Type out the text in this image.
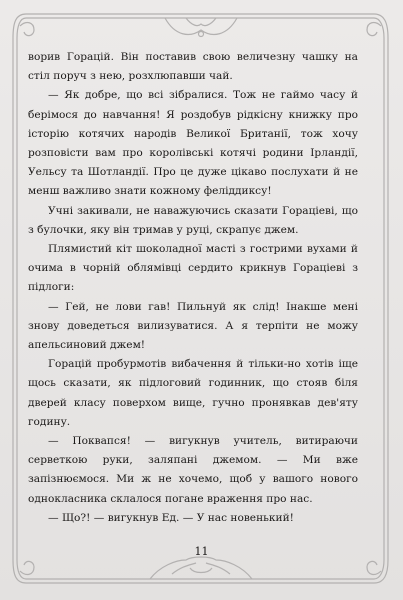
ворив Горацій. Він поставив свою величезну чашку на стіл поруч з нею, розхлюпавши чай.

— Як добре, що всі зібралися. Тож не гаймо часу й берімося до навчання! Я роздобув рідкісну книжку про історію котячих народів Великої Британії, тож хочу розповісти вам про королівські котячі родини Ірландії, Уельсу та Шотландії. Про це дуже цікаво послухати й не менш важливо знати кожному феліддиксу!

Учні закивали, не наважуючись сказати Гораціеві, що з булочки, яку він тримав у руці, скрапує джем.

Плямистий кіт шоколадної масті з гострими вухами й очима в чорній облямівці сердито крикнув Гораціеві з підлоги:

— Гей, не лови гав! Пильнуй як слід! Інакше мені знову доведеться вилизуватися. А я терпіти не можу апельсиновий джем!

Горацій пробурмотів вибачення й тільки-но хотів іще щось сказати, як підлоговий годинник, що стояв біля дверей класу поверхом вище, гучно пронявкав дев'яту годину.

— Поквапся! — вигукнув учитель, витираючи серветкою руки, заляпані джемом. — Ми вже запізнюємося. Ми ж не хочемо, щоб у вашого нового однокласника склалося погане враження про нас.

— Що?! — вигукнув Ед. — У нас новенький!

11
